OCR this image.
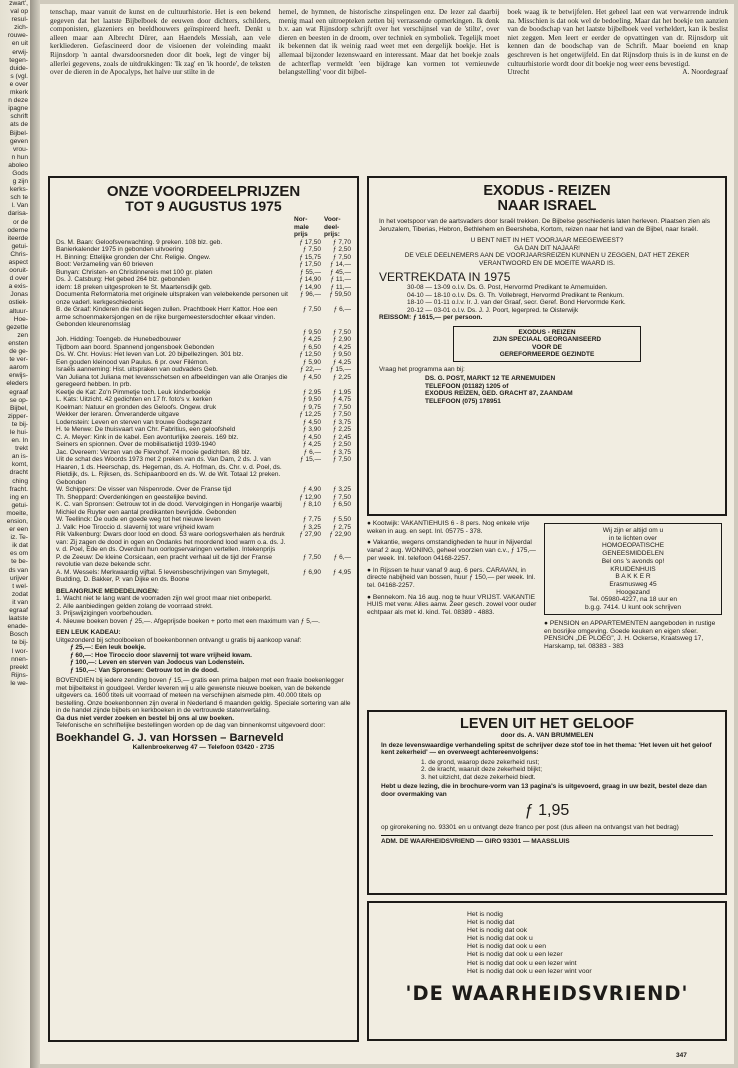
zwart',
val op
resul-
zich-
rouwe-
en uit
erwij-
tegen-
duide-
s (vgl.
e over
mkerk
n deze
ipagne
schrift
ats de
Bijbel-
geven
vrou-
n hun
aboleo
Gods
g zijn
kerks-
sch te
l. Van
darisa-
or de
oderne
iteerde
getui-
Chris-
aspect
ooruit-
d over
a exis-
Jonas
ostiek-
altuur-
Hoe-
gezette
zen
ensten
de ge-
te ver-
aarom
erwijs-
eleders
egraaf
se op-
Bijbel,
zipper-
te bij-
le hui-
en. In
trekt
an is-
komt,
dracht
ching
fracht.
ing en
getui-
moeite,
ension,
er een
iz. Te-
ik dat
es om
te be-
ds van
urijver
t wel-
zodat
it van
egraaf
laatste
enade-
Bosch
te bij-
l wor-
nnen-
preekt
Rijns-
le we-

tenschap, maar vanuit de kunst en de cultuurhistorie. Het is een bekend gegeven dat het laatste Bijbelboek de eeuwen door dichters, schilders, componisten, glazeniers en beeldhouwers geïnspireerd heeft. Denkt u alleen maar aan Albrecht Dürer, aan Haendels Messiah, aan vele kerkliederen. Gefascineerd door de visioenen der voleinding maakt Rijnsdorp 'n aantal dwarsdoorsneden door dit boek, legt de vinger bij allerlei gegevens, zoals de uitdrukkingen: 'Ik zag' en 'ik hoorde', de teksten over de dieren in de Apocalyps, het halve uur stilte in de

hemel, de hymnen, de historische zinspelingen enz. De lezer zal daarbij menig maal een uitroepteken zetten bij verrassende opmerkingen. Ik denk b.v. aan wat Rijnsdorp schrijft over het verschijnsel van de 'stilte', over dieren en beesten in de droom, over techniek en symboliek. Tegelijk moet ik bekennen dat ik weinig raad weet met een dergelijk boekje. Het is allemaal bijzonder lezenswaard en interessant. Maar dat het boekje zoals de achterflap vermeldt 'een bijdrage kan vormen tot vernieuwde belangstelling' voor dit bijbel-

boek waag ik te betwijfelen. Het geheel laat een wat verwarrende indruk na. Misschien is dat ook wel de bedoeling. Maar dat het boekje ten aanzien van de boodschap van het laatste bijbelboek veel verheldert, kan ik beslist niet zeggen. Men leert er eerder de opvattingen van dr. Rijnsdorp uit kennen dan de boodschap van de Schrift. Maar boeiend en knap geschreven is het ongetwijfeld. En dat Rijnsdorp thuis is in de kunst en de cultuurhistorie wordt door dit boekje nog weer eens bevestigd.

Utrecht	A. Noordegraaf
ONZE VOORDEELPRIJZEN
TOT 9 AUGUSTUS 1975
Nor-
male
prijs
Voor-
deel-
prijs:
Ds. M. Baan: Geloofsverwachting. 9 preken. 108 blz. geb.	ƒ 17,50	ƒ 7,70
Banierkalender 1975 in gebonden uitvoering	ƒ 7,50	ƒ 2,50
H. Binning: Ettelijke gronden der Chr. Religie. Ongew.	ƒ 15,75	ƒ 7,50
Boot: Verzameling van 60 brieven	ƒ 17,50	ƒ 14,—
Bunyan: Christen- en Christinnereis met 100 gr. platen	ƒ 55,—	ƒ 45,—
Ds. J. Catsburg: Het gebed 264 blz. gebonden	ƒ 14,90	ƒ 11,—
idem: 18 preken uitgesproken te St. Maartensdijk geb.	ƒ 14,90	ƒ 11,—
Documenta Reformatoria met originele uitspraken van velebekende personen uit onze vaderl. kerkgeschiedenis
ƒ 96,—	ƒ 59,50
B. de Graaf: Kinderen die niet liegen zullen. Prachtboek Herr Kattor. Hoe een arme schoenmakersjongen en de rijke burgemeestersdochter elkaar vinden. Gebonden kleurenomslag
ƒ 7,50	ƒ 6,—
ƒ 9,50	ƒ 7,50
Joh. Hidding: Toengeb. de Hunebedbouwer	ƒ 4,25	ƒ 2,90
Tijdbom aan boord. Spannend jongensboek Gebonden	ƒ 6,50	ƒ 4,25
Ds. W. Chr. Hovius: Het leven van Lot. 20 bijbellezingen. 301 blz.	ƒ 12,50	ƒ 9,50
Een gouden kleinood van Paulus. 6 pr. over Filémon.	ƒ 5,90	ƒ 4,25
Israëls aanneming: Hist. uitspraken van oudvaders Geb.	ƒ 22,—	ƒ 15,—
Van Juliana tot Juliana met levensschetsen en afbeeldingen van alle Oranjes die geregeerd hebben. In prb.
ƒ 4,50	ƒ 2,25
Keetje de Kat: Zo'n Pimmetje toch. Leuk kinderboekje	ƒ 2,95	ƒ 1,95
L. Kats: Uitzicht. 42 gedichten en 17 fr. foto's v. kerken	ƒ 9,50	ƒ 4,75
Koelman: Natuur en gronden des Geloofs. Ongew. druk	ƒ 9,75	ƒ 7,50
Wekker der leraren. Onveranderde uitgave	ƒ 12,25	ƒ 7,50
Lodenstein: Leven en sterven van trouwe Godsgezant	ƒ 4,50	ƒ 3,75
H. te Merwe: De thuisvaart van Chr. Fabritius, een geloofsheld	ƒ 3,90	ƒ 2,25
C. A. Meyer: Kink in de kabel. Een avonturlijke zeereis. 169 blz.	ƒ 4,50	ƒ 2,45
Seiners en spionnen. Over de mobilisatietijd 1939-1940	ƒ 4,25	ƒ 2,50
Jac. Overeem: Verzen van de Flevohof. 74 mooie gedichten. 88 blz.	ƒ 6,—	ƒ 3,75
Uit de schat des Woords 1973 met 2 preken van ds. Van Dam, 2 ds. J. van Haaren, 1 ds. Heerschap, ds. Hegeman, ds. A. Hofman, ds. Chr. v. d. Poel, ds. Rietdijk, ds. L. Rijksen, ds. Schipaanboord en ds. W. de Wit. Totaal 12 preken. Gebonden
ƒ 15,—	ƒ 7,50
W. Schippers: De visser van Nispenrode. Over de Franse tijd	ƒ 4,90	ƒ 3,25
Th. Sheppard: Overdenkingen en geestelijke bevind.	ƒ 12,90	ƒ 7,50
K. C. van Spronsen: Getrouw tot in de dood. Vervolgingen in Hongarije waarbij Michiel de Ruyter een aantal predikanten bevrijdde. Gebonden
ƒ 8,10	ƒ 6,50
W. Teellinck: De oude en goede weg tot het nieuwe leven	ƒ 7,75	ƒ 5,50
J. Valk: Hoe Tiroccio d. slavernij tot ware vrijheid kwam	ƒ 3,25	ƒ 2,75
Rik Valkenburg: Dwars door lood en dood. 53 ware oorlogsverhalen als herdruk van: Zij zagen de dood in ogen en Ondanks het moordend lood warm o.a. ds. J. v. d. Poel, Ede en ds. Overduin hun oorlogservaringen vertellen. Intekenprijs
ƒ 27,90	ƒ 22,90
P. de Zeeuw: De kleine Corsicaan, een pracht verhaal uit de tijd der Franse revolutie van deze bekende schr.
ƒ 7,50	ƒ 6,—
A. M. Wessels: Merkwaardig vijftal. 5 levensbeschrijvingen van Smytegelt, Budding, D. Bakker, P. van Dijke en ds. Boone
ƒ 6,90	ƒ 4,95
BELANGRIJKE MEDEDELINGEN:
1. Wacht niet te lang want de voorraden zijn wel groot maar niet onbeperkt.
2. Alle aanbiedingen gelden zolang de voorraad strekt.
3. Prijswijzigingen voorbehouden.
4. Nieuwe boeken boven ƒ 25,—. Afgeprijsde boeken + porto met een maximum van ƒ 5,—.
EEN LEUK KADEAU:
Uitgezonderd bij schoolboeken of boekenbonnen ontvangt u gratis bij aankoop vanaf:
ƒ 25,—: Een leuk boekje.
ƒ 60,—: Hoe Tiroccio door slavernij tot ware vrijheid kwam.
ƒ 100,—: Leven en sterven van Jodocus van Lodenstein.
ƒ 150,—: Van Spronsen: Getrouw tot in de dood.
BOVENDIEN bij iedere zending boven ƒ 15,— gratis een prima balpen met een fraaie boekenlegger met bijbeltekst in goudgeel. Verder leveren wij u alle gewenste nieuwe boeken, van de bekende uitgevers ca. 1600 titels uit voorraad of meteen na verschijnen alsmede plm. 40.000 titels op bestelling. Onze boekenbonnen zijn overal in Nederland 6 maanden geldig. Speciale sortering van alle in de handel zijnde bijbels en kerkboeken in de vertrouwde statenvertaling.
Ga dus niet verder zoeken en bestel bij ons al uw boeken.
Telefonische en schriftelijke bestellingen worden op de dag van binnenkomst uitgevoerd door:
Boekhandel G. J. van Horssen – Barneveld
Kallenbroekerweg 47 — Telefoon 03420 - 2735
EXODUS - REIZEN
NAAR ISRAEL
In het voetspoor van de aartsvaders door Israël trekken. De Bijbelse geschiedenis laten herleven. Plaatsen zien als Jeruzalem, Tiberias, Hebron, Bethlehem en Beersheba, Kortom, reizen naar het land van de Bijbel, naar Israël.
U BENT NIET IN HET VOORJAAR MEEGEWEEST?
GA DAN DIT NAJAAR!
DE VELE DEELNEMERS AAN DE VOORJAARSREIZEN KUNNEN U ZEGGEN, DAT HET ZEKER VERANTWOORD EN DE MOEITE WAARD IS.
VERTREKDATA IN 1975
30-08 — 13-09 o.l.v. Ds. G. Post, Hervormd Predikant te Arnemuiden.
04-10 — 18-10 o.l.v. Ds. G. Th. Vollebregt, Hervormd Predikant te Renkum.
18-10 — 01-11 o.l.v. Ir. J. van der Graaf, secr. Geref. Bond Hervormde Kerk.
20-12 — 03-01 o.l.v. Ds. J. J. Poort, legerpred. te Oisterwijk
REISSOM: ƒ 1615,— per persoon.
EXODUS - REIZEN
ZIJN SPECIAAL GEORGANISEERD
VOOR DE
GEREFORMEERDE GEZINDTE
Vraag het programma aan bij:
DS. G. POST, MARKT 12 TE ARNEMUIDEN
TELEFOON (01182) 1205 of
EXODUS REIZEN, GED. GRACHT 87, ZAANDAM
TELEFOON (075) 178951
● Kootwijk: VAKANTIEHUIS 6 - 8 pers. Nog enkele vrije weken in aug. en sept. Inl. 05775 - 378.
● Vakantie, wegens omstandigheden te huur in Nijverdal vanaf 2 aug. WONING, geheel voorzien van c.v., ƒ 175,— per week. Inl. telefoon 04168-2257.
● In Rijssen te huur vanaf 9 aug. 6 pers. CARAVAN, in directe nabijheid van bossen, huur ƒ 150,— per week. Inl. tel. 04168-2257.
● Bennekom. Na 16 aug. nog te huur VRIJST. VAKANTIE HUIS met verw. Alles aanw. Zeer gesch. zowel voor ouder echtpaar als met kl. kind. Tel. 08389 - 4883.
Wij zijn er altijd om u
in te lichten over
HOMOEOPATISCHE
GENEESMIDDELEN
Bel ons 's avonds op!
KRUIDENHUIS
B A K K E R
Erasmusweg 45
Hoogezand
Tel. 05980-4227, na 18 uur en
b.g.g. 7414. U kunt ook schrijven
● PENSION en APPARTEMENTEN aangeboden in rustige en bosrijke omgeving. Goede keuken en eigen sfeer. PENSION „DE PLOEG", J. H. Ockerse, Kraatsweg 17, Harskamp, tel. 08383 - 383
LEVEN UIT HET GELOOF
door ds. A. VAN BRUMMELEN
In deze levenswaardige verhandeling spitst de schrijver deze stof toe in het thema: 'Het leven uit het geloof kent zekerheid' — en overweegt achtereenvolgens:
1. de grond, waarop deze zekerheid rust;
2. de kracht, waaruit deze zekerheid blijkt;
3. het uitzicht, dat deze zekerheid biedt.
Hebt u deze lezing, die in brochure-vorm van 13 pagina's is uitgevoerd, graag in uw bezit, bestel deze dan door overmaking van
ƒ 1,95
op girorekening no. 93301 en u ontvangt deze franco per post (dus alleen na ontvangst van het bedrag)
ADM. DE WAARHEIDSVRIEND — GIRO 93301 — MAASSLUIS
Het is nodig
Het is nodig dat
Het is nodig dat ook
Het is nodig dat ook u
Het is nodig dat ook u een
Het is nodig dat ook u een lezer
Het is nodig dat ook u een lezer wint
Het is nodig dat ook u een lezer wint voor
'DE WAARHEIDSVRIEND'
347
